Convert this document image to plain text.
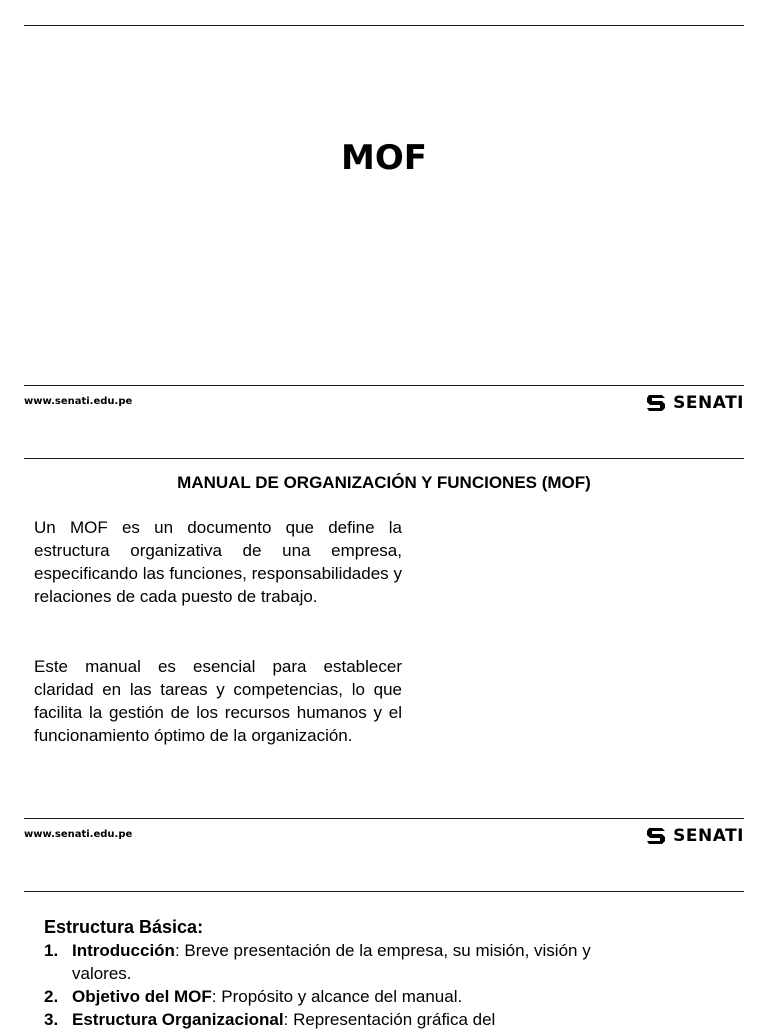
MOF
www.senati.edu.pe	SENATI
MANUAL DE ORGANIZACIÓN Y FUNCIONES (MOF)

Un MOF es un documento que define la estructura organizativa de una empresa, especificando las funciones, responsabilidades y relaciones de cada puesto de trabajo.

Este manual es esencial para establecer claridad en las tareas y competencias, lo que facilita la gestión de los recursos humanos y el funcionamiento óptimo de la organización.

www.senati.edu.pe	SENATI
Estructura Básica:
1. Introducción: Breve presentación de la empresa, su misión, visión y valores.
2. Objetivo del MOF: Propósito y alcance del manual.
3. Estructura Organizacional: Representación gráfica del
